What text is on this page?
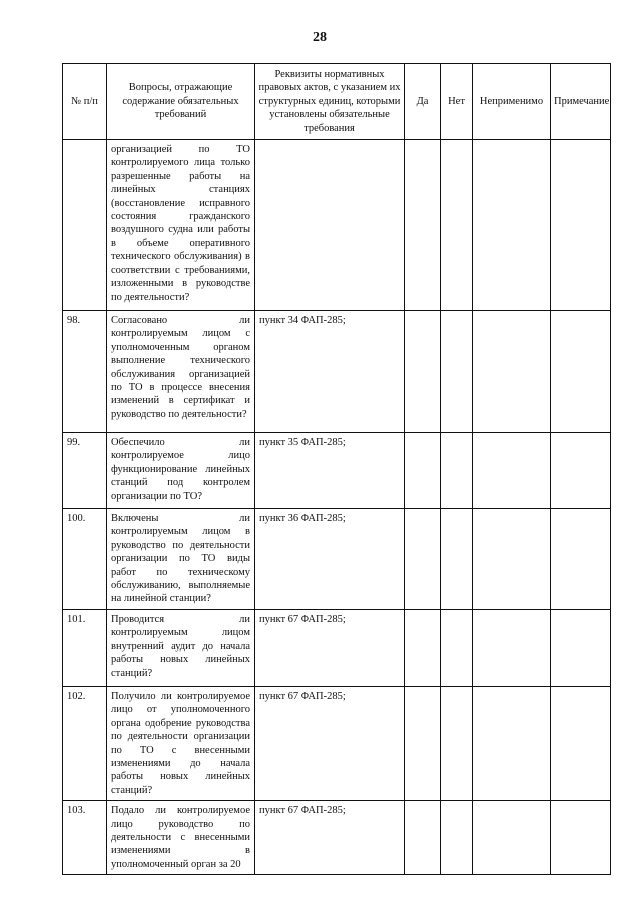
28
№ п/п	Вопросы, отражающие содержание обязательных требований	Реквизиты нормативных правовых актов, с указанием их структурных единиц, которыми установлены обязательные требования	Да	Нет	Неприменимо	Примечание
	организацией по ТО контролируемого лица только разрешенные работы на линейных станциях (восстановление исправного состояния гражданского воздушного судна или работы в объеме оперативного технического обслуживания) в соответствии с требованиями, изложенными в руководстве по деятельности?					
98.	Согласовано ли контролируемым лицом с уполномоченным органом выполнение технического обслуживания организацией по ТО в процессе внесения изменений в сертификат и руководство по деятельности?	пункт 34 ФАП-285;				
99.	Обеспечило ли контролируемое лицо функционирование линейных станций под контролем организации по ТО?	пункт 35 ФАП-285;				
100.	Включены ли контролируемым лицом в руководство по деятельности организации по ТО виды работ по техническому обслуживанию, выполняемые на линейной станции?	пункт 36 ФАП-285;				
101.	Проводится ли контролируемым лицом внутренний аудит до начала работы новых линейных станций?	пункт 67 ФАП-285;				
102.	Получило ли контролируемое лицо от уполномоченного органа одобрение руководства по деятельности организации по ТО с внесенными изменениями до начала работы новых линейных станций?	пункт 67 ФАП-285;				
103.	Подало ли контролируемое лицо руководство по деятельности с внесенными изменениями в уполномоченный орган за 20	пункт 67 ФАП-285;				
